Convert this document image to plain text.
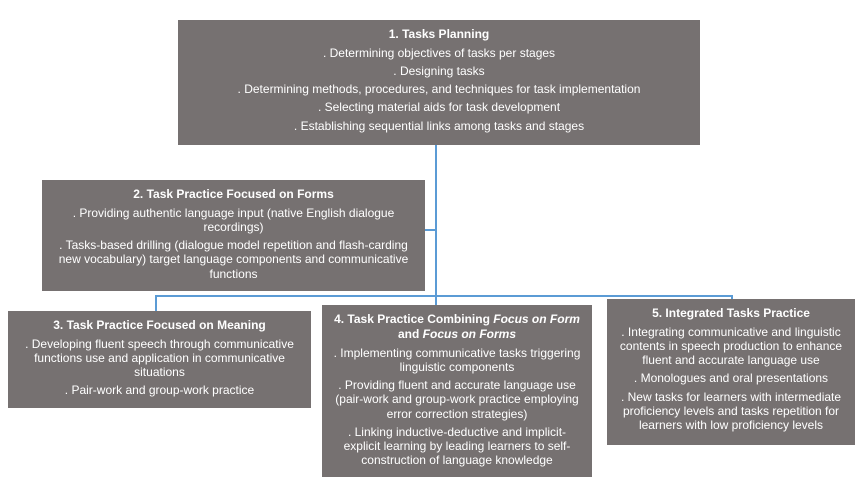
1. Tasks Planning
. Determining objectives of tasks per stages
. Designing tasks
. Determining methods, procedures, and techniques for task implementation
. Selecting material aids for task development
. Establishing sequential links among tasks and stages
2. Task Practice Focused on Forms
. Providing authentic language input (native English dialogue recordings)
. Tasks-based drilling (dialogue model repetition and flash-carding new vocabulary) target language components and communicative functions
3. Task Practice Focused on Meaning
. Developing fluent speech through communicative functions use and application in communicative situations
. Pair-work and group-work practice
4. Task Practice Combining Focus on Form and Focus on Forms
. Implementing communicative tasks triggering linguistic components
. Providing fluent and accurate language use (pair-work and group-work practice employing error correction strategies)
. Linking inductive-deductive and implicit-explicit learning by leading learners to self-construction of language knowledge
5. Integrated Tasks Practice
. Integrating communicative and linguistic contents in speech production to enhance fluent and accurate language use
. Monologues and oral presentations
. New tasks for learners with intermediate proficiency levels and tasks repetition for learners with low proficiency levels
